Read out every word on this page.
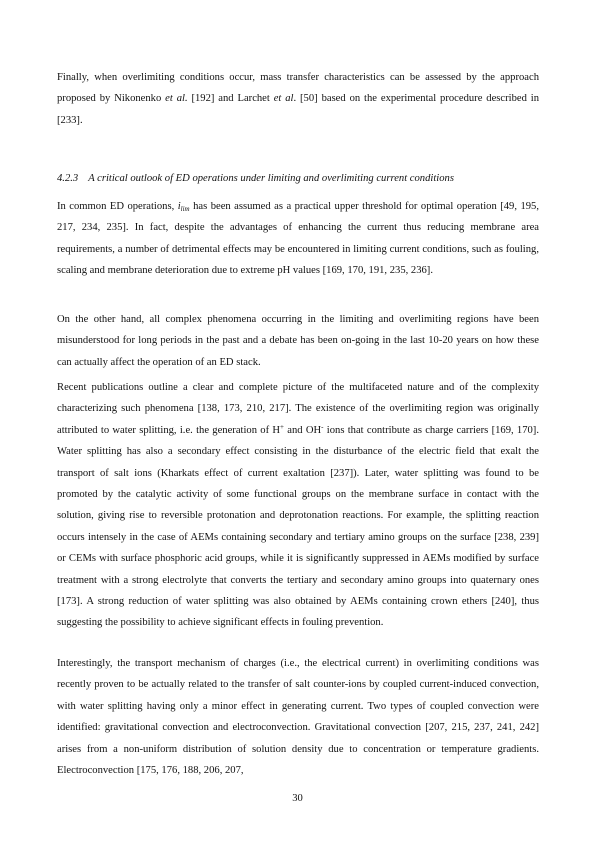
Finally, when overlimiting conditions occur, mass transfer characteristics can be assessed by the approach proposed by Nikonenko et al. [192] and Larchet et al. [50] based on the experimental procedure described in [233].

4.2.3 A critical outlook of ED operations under limiting and overlimiting current conditions

In common ED operations, $i_{lim}$ has been assumed as a practical upper threshold for optimal operation [49, 195, 217, 234, 235]. In fact, despite the advantages of enhancing the current thus reducing membrane area requirements, a number of detrimental effects may be encountered in limiting current conditions, such as fouling, scaling and membrane deterioration due to extreme pH values [169, 170, 191, 235, 236].

On the other hand, all complex phenomena occurring in the limiting and overlimiting regions have been misunderstood for long periods in the past and a debate has been on-going in the last 10-20 years on how these can actually affect the operation of an ED stack.

Recent publications outline a clear and complete picture of the multifaceted nature and of the complexity characterizing such phenomena [138, 173, 210, 217]. The existence of the overlimiting region was originally attributed to water splitting, i.e. the generation of H+ and OH- ions that contribute as charge carriers [169, 170]. Water splitting has also a secondary effect consisting in the disturbance of the electric field that exalt the transport of salt ions (Kharkats effect of current exaltation [237]). Later, water splitting was found to be promoted by the catalytic activity of some functional groups on the membrane surface in contact with the solution, giving rise to reversible protonation and deprotonation reactions. For example, the splitting reaction occurs intensely in the case of AEMs containing secondary and tertiary amino groups on the surface [238, 239] or CEMs with surface phosphoric acid groups, while it is significantly suppressed in AEMs modified by surface treatment with a strong electrolyte that converts the tertiary and secondary amino groups into quaternary ones [173]. A strong reduction of water splitting was also obtained by AEMs containing crown ethers [240], thus suggesting the possibility to achieve significant effects in fouling prevention.

Interestingly, the transport mechanism of charges (i.e., the electrical current) in overlimiting conditions was recently proven to be actually related to the transfer of salt counter-ions by coupled current-induced convection, with water splitting having only a minor effect in generating current. Two types of coupled convection were identified: gravitational convection and electroconvection. Gravitational convection [207, 215, 237, 241, 242] arises from a non-uniform distribution of solution density due to concentration or temperature gradients. Electroconvection [175, 176, 188, 206, 207,

30
